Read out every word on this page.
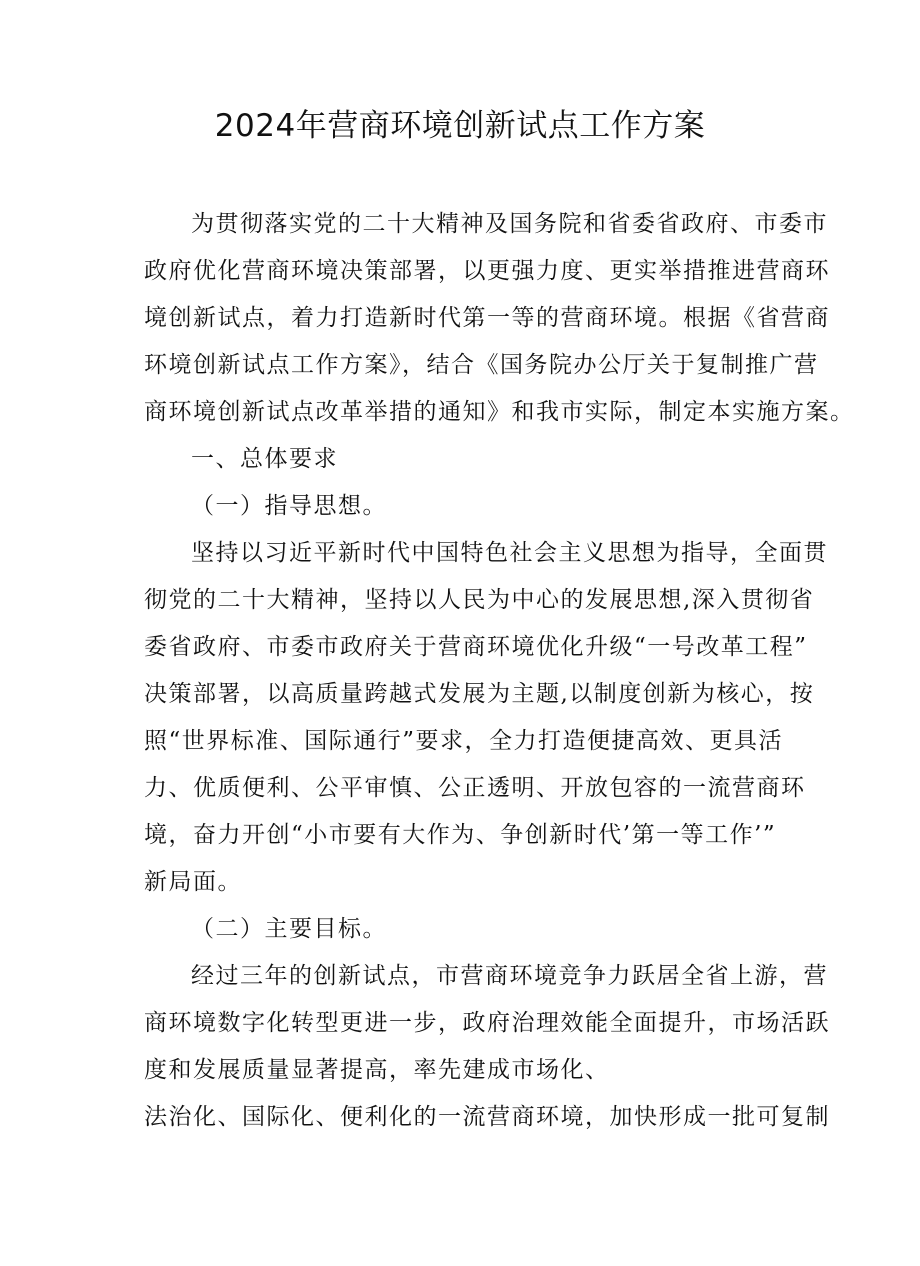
2024年营商环境创新试点工作方案
为贯彻落实党的二十大精神及国务院和省委省政府、市委市
政府优化营商环境决策部署，以更强力度、更实举措推进营商环
境创新试点，着力打造新时代第一等的营商环境。根据《省营商
环境创新试点工作方案》，结合《国务院办公厅关于复制推广营
商环境创新试点改革举措的通知》和我市实际，制定本实施方案。
一、总体要求
（一）指导思想。
坚持以习近平新时代中国特色社会主义思想为指导，全面贯
彻党的二十大精神，坚持以人民为中心的发展思想,深入贯彻省
委省政府、市委市政府关于营商环境优化升级“一号改革工程”
决策部署，以高质量跨越式发展为主题,以制度创新为核心，按
照“世界标准、国际通行”要求，全力打造便捷高效、更具活
力、优质便利、公平审慎、公正透明、开放包容的一流营商环
境，奋力开创“小市要有大作为、争创新时代’第一等工作’”
新局面。
（二）主要目标。
经过三年的创新试点，市营商环境竞争力跃居全省上游，营
商环境数字化转型更进一步，政府治理效能全面提升，市场活跃
度和发展质量显著提高，率先建成市场化、
法治化、国际化、便利化的一流营商环境，加快形成一批可复制
